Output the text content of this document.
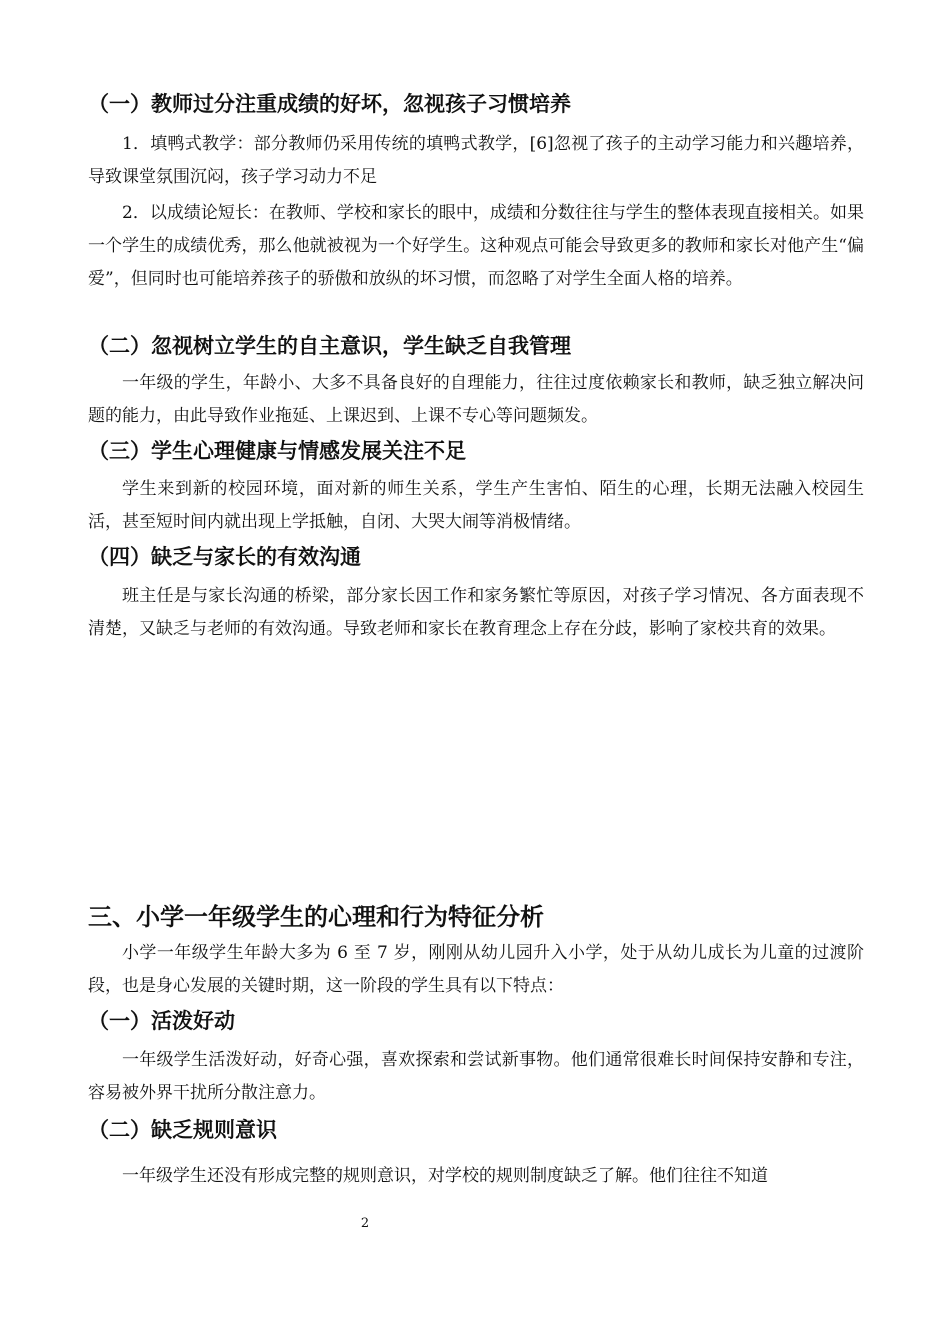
（一）教师过分注重成绩的好坏，忽视孩子习惯培养
1．填鸭式教学：部分教师仍采用传统的填鸭式教学，[6]忽视了孩子的主动学习能力和兴趣培养，导致课堂氛围沉闷，孩子学习动力不足
2．以成绩论短长：在教师、学校和家长的眼中，成绩和分数往往与学生的整体表现直接相关。如果一个学生的成绩优秀，那么他就被视为一个好学生。这种观点可能会导致更多的教师和家长对他产生“偏爱”，但同时也可能培养孩子的骄傲和放纵的坏习惯，而忽略了对学生全面人格的培养。
（二）忽视树立学生的自主意识，学生缺乏自我管理
一年级的学生，年龄小、大多不具备良好的自理能力，往往过度依赖家长和教师，缺乏独立解决问题的能力，由此导致作业拖延、上课迟到、上课不专心等问题频发。
（三）学生心理健康与情感发展关注不足
学生来到新的校园环境，面对新的师生关系，学生产生害怕、陌生的心理，长期无法融入校园生活，甚至短时间内就出现上学抵触，自闭、大哭大闹等消极情绪。
（四）缺乏与家长的有效沟通
班主任是与家长沟通的桥梁，部分家长因工作和家务繁忙等原因，对孩子学习情况、各方面表现不清楚，又缺乏与老师的有效沟通。导致老师和家长在教育理念上存在分歧，影响了家校共育的效果。
三、小学一年级学生的心理和行为特征分析
小学一年级学生年龄大多为 6 至 7 岁，刚刚从幼儿园升入小学，处于从幼儿成长为儿童的过渡阶段，也是身心发展的关键时期，这一阶段的学生具有以下特点：
（一）活泼好动
一年级学生活泼好动，好奇心强，喜欢探索和尝试新事物。他们通常很难长时间保持安静和专注，容易被外界干扰所分散注意力。
（二）缺乏规则意识
一年级学生还没有形成完整的规则意识，对学校的规则制度缺乏了解。他们往往不知道
2
